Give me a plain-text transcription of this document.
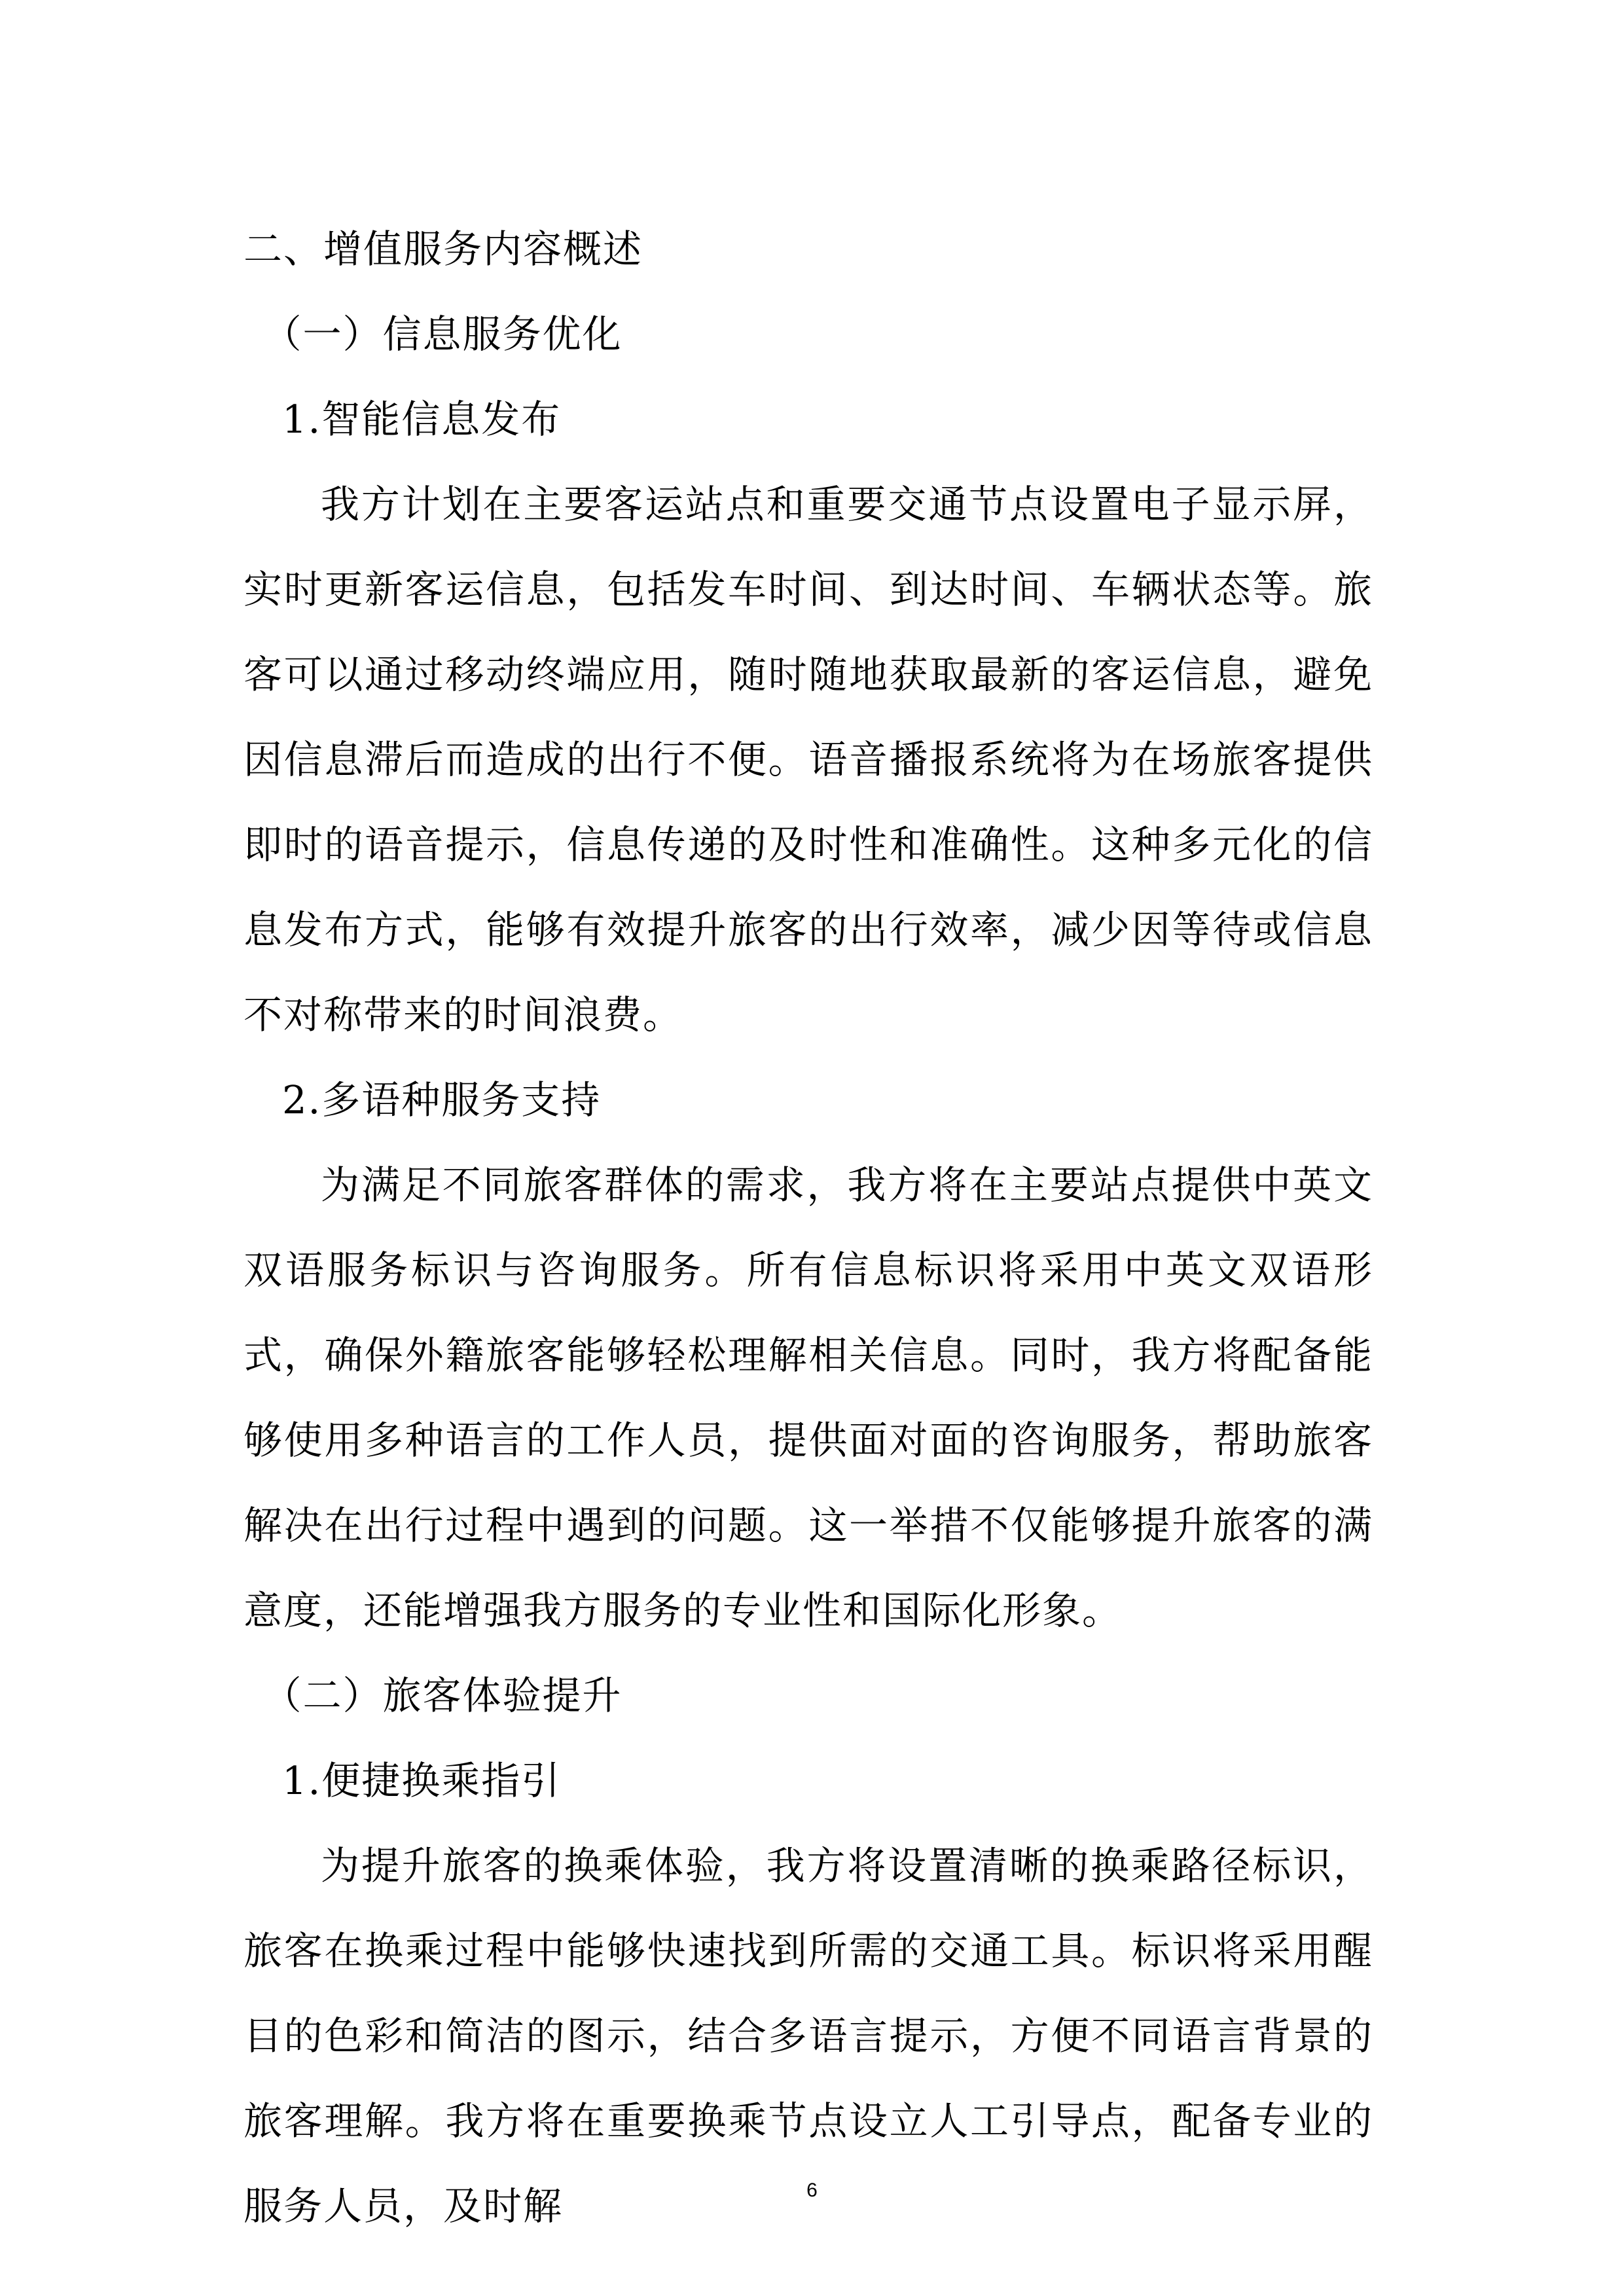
二、增值服务内容概述

（一）信息服务优化

1.智能信息发布

我方计划在主要客运站点和重要交通节点设置电子显示屏，实时更新客运信息，包括发车时间、到达时间、车辆状态等。旅客可以通过移动终端应用，随时随地获取最新的客运信息，避免因信息滞后而造成的出行不便。语音播报系统将为在场旅客提供即时的语音提示，信息传递的及时性和准确性。这种多元化的信息发布方式，能够有效提升旅客的出行效率，减少因等待或信息不对称带来的时间浪费。

2.多语种服务支持

为满足不同旅客群体的需求，我方将在主要站点提供中英文双语服务标识与咨询服务。所有信息标识将采用中英文双语形式，确保外籍旅客能够轻松理解相关信息。同时，我方将配备能够使用多种语言的工作人员，提供面对面的咨询服务，帮助旅客解决在出行过程中遇到的问题。这一举措不仅能够提升旅客的满意度，还能增强我方服务的专业性和国际化形象。

（二）旅客体验提升

1.便捷换乘指引

为提升旅客的换乘体验，我方将设置清晰的换乘路径标识，旅客在换乘过程中能够快速找到所需的交通工具。标识将采用醒目的色彩和简洁的图示，结合多语言提示，方便不同语言背景的旅客理解。我方将在重要换乘节点设立人工引导点，配备专业的服务人员，及时解	6
